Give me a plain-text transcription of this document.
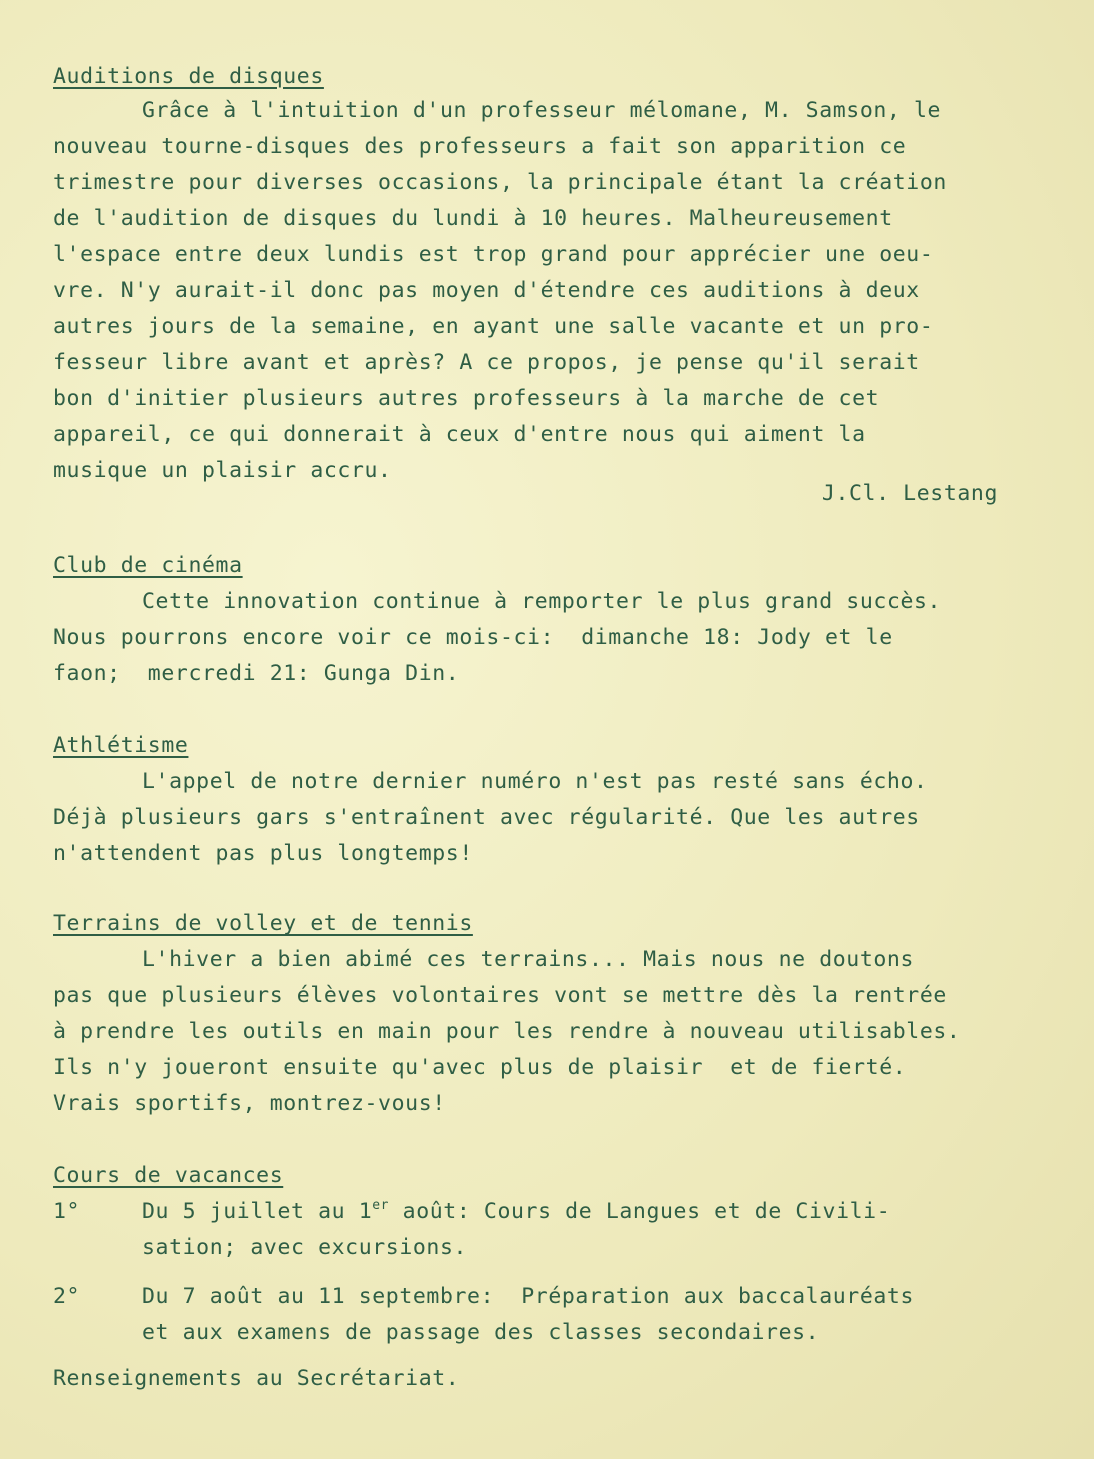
Auditions de disques
Grâce à l'intuition d'un professeur mélomane, M. Samson, le
nouveau tourne-disques des professeurs a fait son apparition ce
trimestre pour diverses occasions, la principale étant la création
de l'audition de disques du lundi à 10 heures. Malheureusement
l'espace entre deux lundis est trop grand pour apprécier une oeu-
vre. N'y aurait-il donc pas moyen d'étendre ces auditions à deux
autres jours de la semaine, en ayant une salle vacante et un pro-
fesseur libre avant et après? A ce propos, je pense qu'il serait
bon d'initier plusieurs autres professeurs à la marche de cet
appareil, ce qui donnerait à ceux d'entre nous qui aiment la
musique un plaisir accru.
J.Cl. Lestang
Club de cinéma
Cette innovation continue à remporter le plus grand succès.
Nous pourrons encore voir ce mois-ci:  dimanche 18: Jody et le
faon;  mercredi 21: Gunga Din.
Athlétisme
L'appel de notre dernier numéro n'est pas resté sans écho.
Déjà plusieurs gars s'entraînent avec régularité. Que les autres
n'attendent pas plus longtemps!
Terrains de volley et de tennis
L'hiver a bien abimé ces terrains... Mais nous ne doutons
pas que plusieurs élèves volontaires vont se mettre dès la rentrée
à prendre les outils en main pour les rendre à nouveau utilisables.
Ils n'y joueront ensuite qu'avec plus de plaisir  et de fierté.
Vrais sportifs, montrez-vous!
Cours de vacances
1°	Du 5 juillet au 1er août: Cours de Langues et de Civili-
sation; avec excursions.
2°	Du 7 août au 11 septembre:  Préparation aux baccalauréats
et aux examens de passage des classes secondaires.
Renseignements au Secrétariat.
